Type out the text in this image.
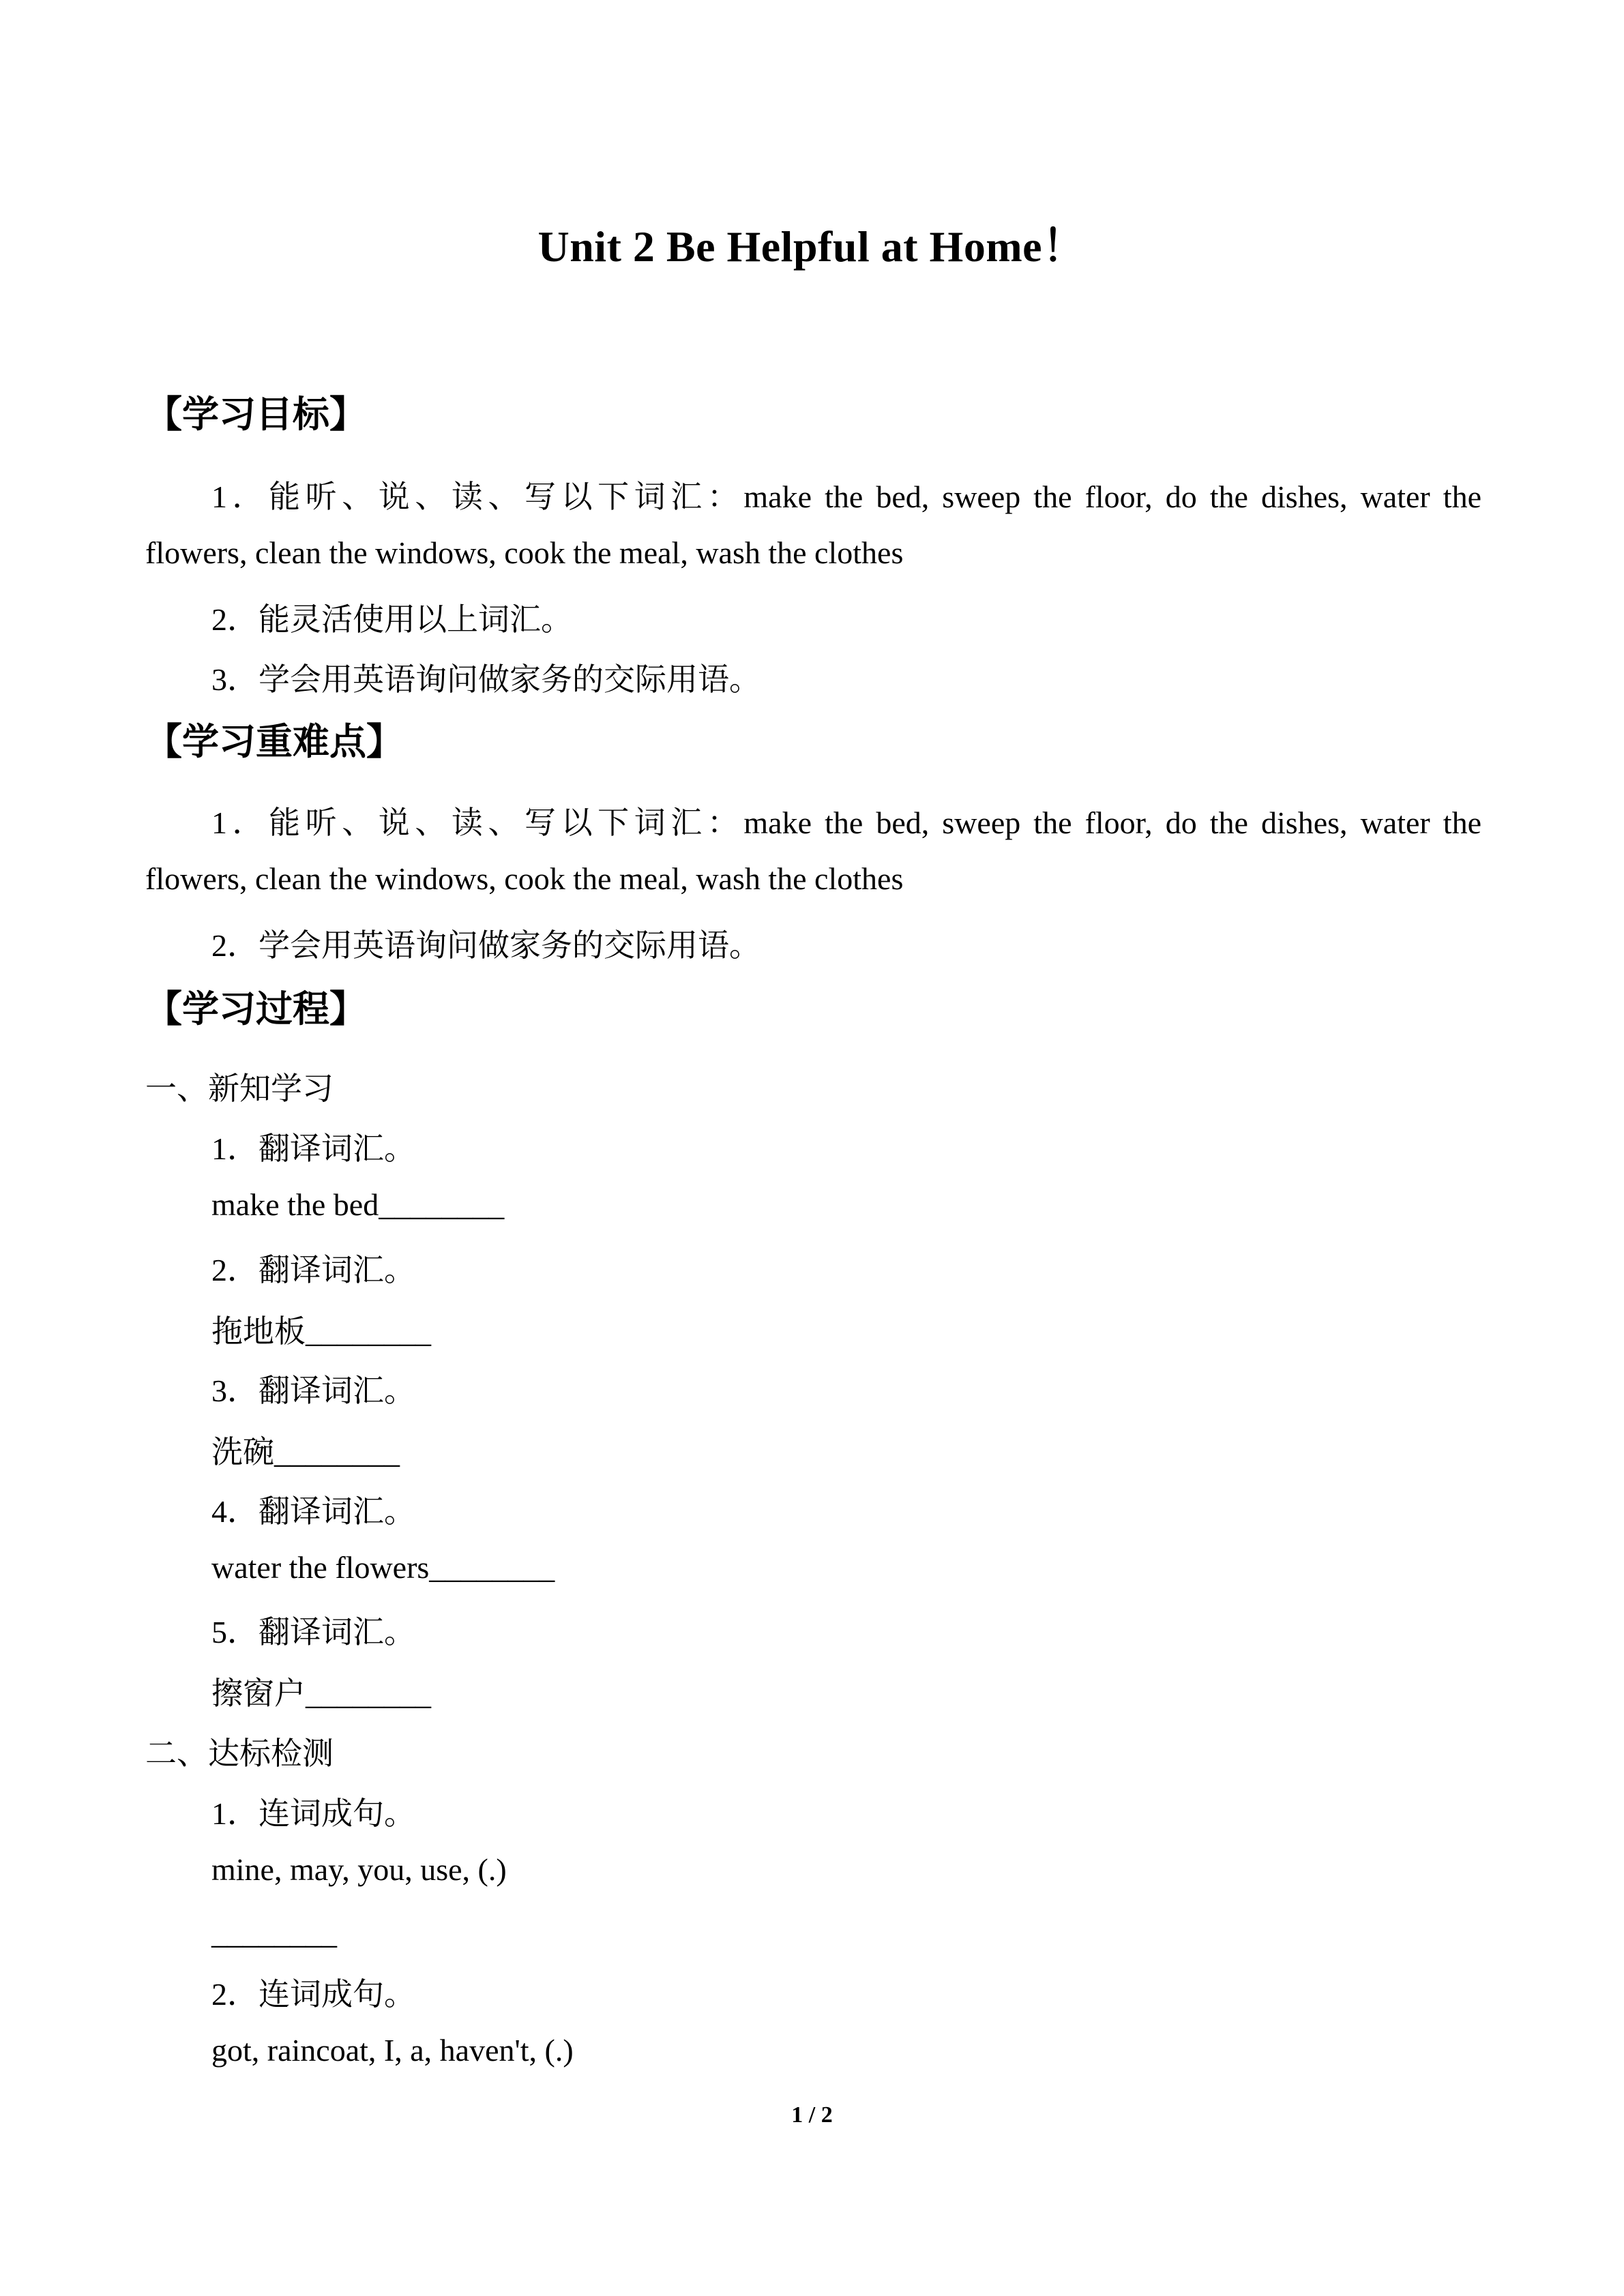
Unit 2 Be Helpful at Home！
【学习目标】
1．能听、说、读、写以下词汇：make the bed, sweep the floor, do the dishes, water the
flowers, clean the windows, cook the meal, wash the clothes
2．能灵活使用以上词汇。
3．学会用英语询问做家务的交际用语。
【学习重难点】
1．能听、说、读、写以下词汇：make the bed, sweep the floor, do the dishes, water the
flowers, clean the windows, cook the meal, wash the clothes
2．学会用英语询问做家务的交际用语。
【学习过程】
一、新知学习
1．翻译词汇。
make the bed________
2．翻译词汇。
拖地板________
3．翻译词汇。
洗碗________
4．翻译词汇。
water the flowers________
5．翻译词汇。
擦窗户________
二、达标检测
1．连词成句。
mine, may, you, use, (.)
________
2．连词成句。
got, raincoat, I, a, haven't, (.)
1 / 2
